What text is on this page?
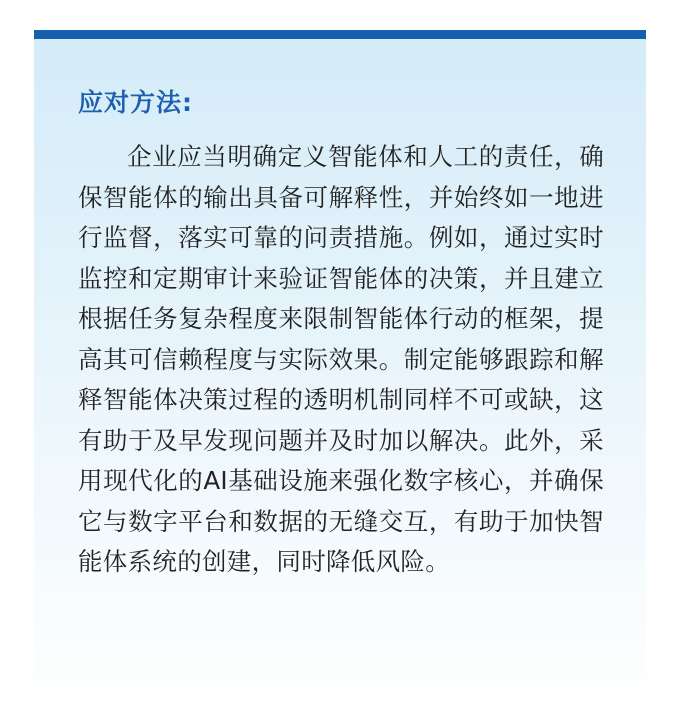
应对方法:

企业应当明确定义智能体和人工的责任，确保智能体的输出具备可解释性，并始终如一地进行监督，落实可靠的问责措施。例如，通过实时监控和定期审计来验证智能体的决策，并且建立根据任务复杂程度来限制智能体行动的框架，提高其可信赖程度与实际效果。制定能够跟踪和解释智能体决策过程的透明机制同样不可或缺，这有助于及早发现问题并及时加以解决。此外，采用现代化的AI基础设施来强化数字核心，并确保它与数字平台和数据的无缝交互，有助于加快智能体系统的创建，同时降低风险。
